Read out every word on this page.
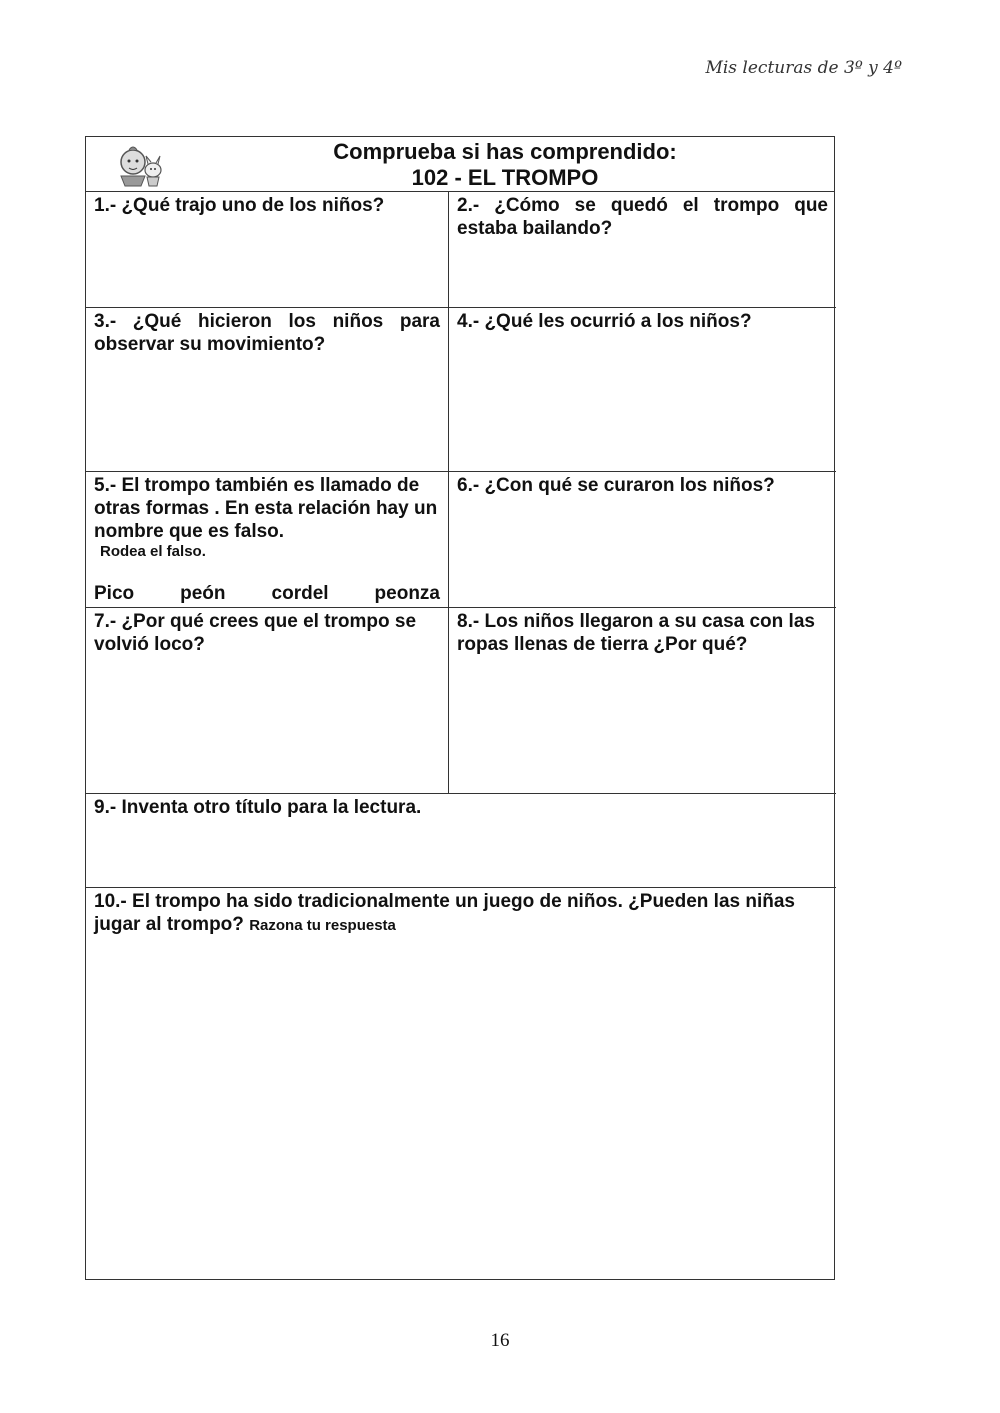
Mis lecturas de 3º y 4º
Comprueba si has comprendido:
102 - EL TROMPO
1.- ¿Qué trajo uno de los niños?	2.- ¿Cómo se quedó el trompo que estaba bailando?
3.- ¿Qué hicieron los niños para observar su movimiento?
4.- ¿Qué les ocurrió a los niños?
5.- El trompo también es llamado de otras formas . En esta relación hay un nombre que es falso.
Rodea el falso.
Pico peón cordel peonza
6.- ¿Con qué se curaron los niños?
7.- ¿Por qué crees que el trompo se volvió loco?
8.- Los niños llegaron a su casa con las ropas llenas de tierra ¿Por qué?
9.- Inventa otro título para la lectura.
10.- El trompo ha sido tradicionalmente un juego de niños. ¿Pueden las niñas jugar al trompo? Razona tu respuesta
16
